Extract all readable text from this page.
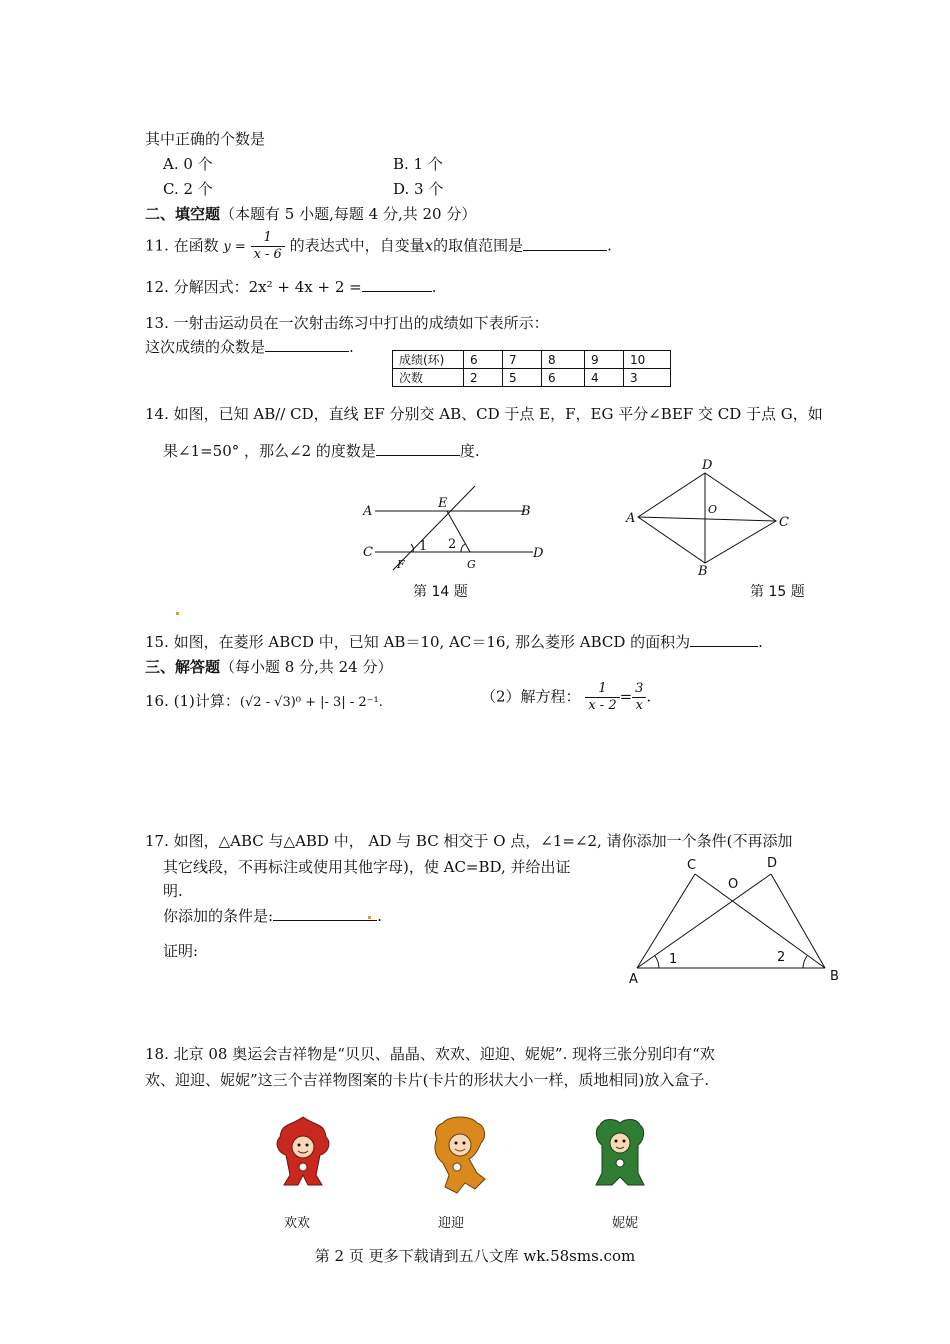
其中正确的个数是
A. 0 个	B. 1 个
C. 2 个	D. 3 个
二、填空题（本题有 5 小题,每题 4 分,共 20 分）
11. 在函数 $y = \frac{1}{x - 6}$ 的表达式中，自变量x的取值范围是	.
12. 分解因式：2x² + 4x + 2 =	.
13. 一射击运动员在一次射击练习中打出的成绩如下表所示：
这次成绩的众数是	.
成绩(环)	6	7	8	9	10
次数	2	5	6	4	3
14. 如图，已知 AB// CD，直线 EF 分别交 AB、CD 于点 E，F，EG 平分∠BEF 交 CD 于点 G，如
果∠1=50° ，那么∠2 的度数是	度.
A
E
B
C	1 2
D
F	G
第 14 题
D
A
O
C
B
第 15 题
15. 如图，在菱形 ABCD 中，已知 AB＝10, AC＝16, 那么菱形 ABCD 的面积为	.
三、解答题（每小题 8 分,共 24 分）
16. (1)计算：(√2 - √3)⁰ + |- 3| - 2⁻¹.	（2）解方程： $\frac{1}{x - 2} = \frac{3}{x}$ .
17. 如图，△ABC 与△ABD 中， AD 与 BC 相交于 O 点，∠1=∠2, 请你添加一个条件(不再添加
其它线段，不再标注或使用其他字母)，使 AC=BD, 并给出证
明.
你添加的条件是:	.
证明:
C	D
O
1	2
A	B
18. 北京 08 奥运会吉祥物是“贝贝、晶晶、欢欢、迎迎、妮妮”. 现将三张分别印有“欢
欢、迎迎、妮妮”这三个吉祥物图案的卡片(卡片的形状大小一样，质地相同)放入盒子.
欢欢	迎迎	妮妮
第 2 页 更多下载请到五八文库 wk.58sms.com
